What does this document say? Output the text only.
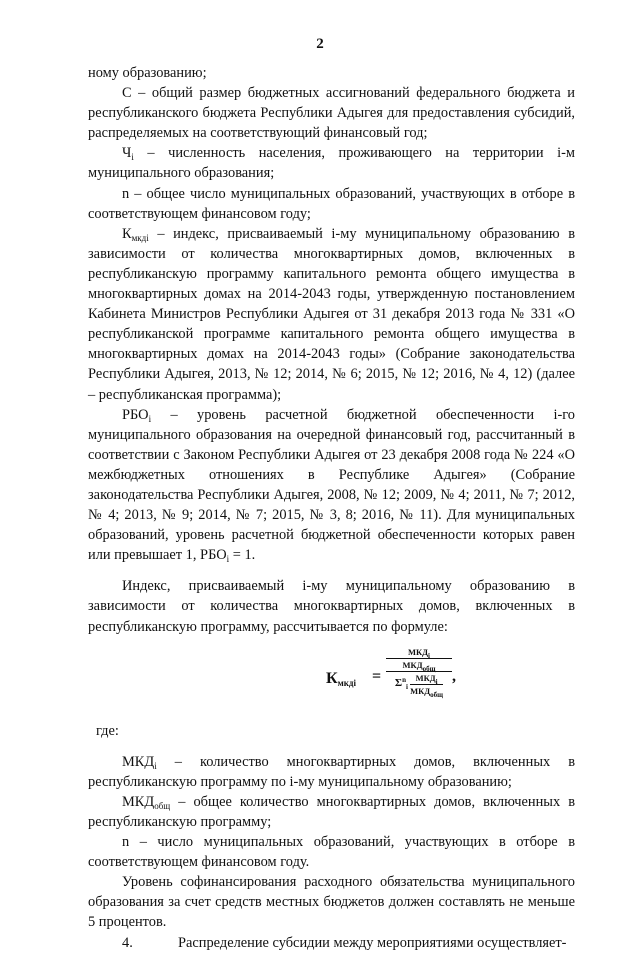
2

ному образованию;

С – общий размер бюджетных ассигнований федерального бюджета и республиканского бюджета Республики Адыгея для предоставления субсидий, распределяемых на соответствующий финансовый год;

$Ч_i$ – численность населения, проживающего на территории i-м муниципального образования;

n – общее число муниципальных образований, участвующих в отборе в соответствующем финансовом году;

$К_{мкдi}$ – индекс, присваиваемый i-му муниципальному образованию в зависимости от количества многоквартирных домов, включенных в республиканскую программу капитального ремонта общего имущества в многоквартирных домах на 2014-2043 годы, утвержденную постановлением Кабинета Министров Республики Адыгея от 31 декабря 2013 года № 331 «О республиканской программе капитального ремонта общего имущества в многоквартирных домах на 2014-2043 годы» (Собрание законодательства Республики Адыгея, 2013, № 12; 2014, № 6; 2015, № 12; 2016, № 4, 12) (далее – республиканская программа);

$РБО_i$ – уровень расчетной бюджетной обеспеченности i-го муниципального образования на очередной финансовый год, рассчитанный в соответствии с Законом Республики Адыгея от 23 декабря 2008 года № 224 «О межбюджетных отношениях в Республике Адыгея» (Собрание законодательства Республики Адыгея, 2008, № 12; 2009, № 4; 2011, № 7; 2012, № 4; 2013, № 9; 2014, № 7; 2015, № 3, 8; 2016, № 11). Для муниципальных образований, уровень расчетной бюджетной обеспеченности которых равен или превышает 1, $РБО_i = 1$.

Индекс, присваиваемый i-му муниципальному образованию в зависимости от количества многоквартирных домов, включенных в республиканскую программу, рассчитывается по формуле:

$К_{мкдi}$ =
$МКД_i$
$МКД_{общ}$
$\Sigma^n_i$
$МКД_i$
$МКД_{общ}$
,

где:

$МКД_i$ – количество многоквартирных домов, включенных в республиканскую программу по i-му муниципальному образованию;

$МКД_{общ}$ – общее количество многоквартирных домов, включенных в республиканскую программу;

n – число муниципальных образований, участвующих в отборе в соответствующем финансовом году.

Уровень софинансирования расходного обязательства муниципального образования за счет средств местных бюджетов должен составлять не меньше 5 процентов.

4.	Распределение субсидии между мероприятиями осуществляет-
